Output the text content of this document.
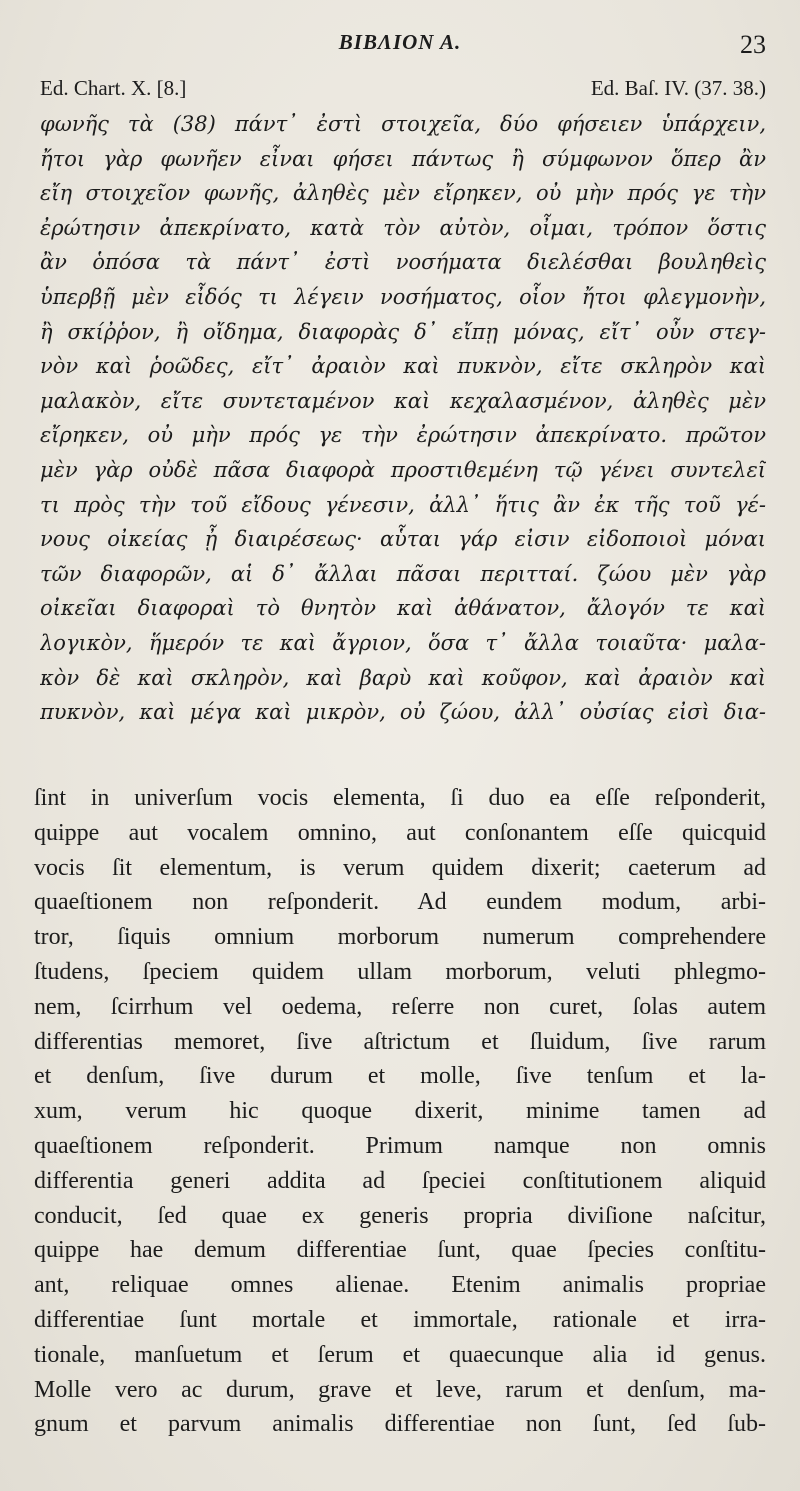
ΒΙΒΛΙΟΝ Α.	23
Ed. Chart. X. [8.]	Ed. Baſ. IV. (37. 38.)
φωνῆς τὰ (38) πάντ᾿ ἐστὶ στοιχεῖα, δύο φήσειεν ὑπάρχειν,
ἤτοι γὰρ φωνῆεν εἶναι φήσει πάντως ἢ σύμφωνον ὅπερ ἂν
εἴη στοιχεῖον φωνῆς, ἀληθὲς μὲν εἴρηκεν, οὐ μὴν πρός γε τὴν
ἐρώτησιν ἀπεκρίνατο, κατὰ τὸν αὐτὸν, οἶμαι, τρόπον ὅστις
ἂν ὁπόσα τὰ πάντ᾿ ἐστὶ νοσήματα διελέσθαι βουληθεὶς
ὑπερβῇ μὲν εἶδός τι λέγειν νοσήματος, οἷον ἤτοι φλεγμονὴν,
ἢ σκίῤῥον, ἢ οἴδημα, διαφορὰς δ᾿ εἴπῃ μόνας, εἴτ᾿ οὖν στεγ-
νὸν καὶ ῥοῶδες, εἴτ᾿ ἀραιὸν καὶ πυκνὸν, εἴτε σκληρὸν καὶ
μαλακὸν, εἴτε συντεταμένον καὶ κεχαλασμένον, ἀληθὲς μὲν
εἴρηκεν, οὐ μὴν πρός γε τὴν ἐρώτησιν ἀπεκρίνατο. πρῶτον
μὲν γὰρ οὐδὲ πᾶσα διαφορὰ προστιθεμένη τῷ γένει συντελεῖ
τι πρὸς τὴν τοῦ εἴδους γένεσιν, ἀλλ᾿ ἥτις ἂν ἐκ τῆς τοῦ γέ-
νους οἰκείας ᾖ διαιρέσεως· αὗται γάρ εἰσιν εἰδοποιοὶ μόναι
τῶν διαφορῶν, αἱ δ᾿ ἄλλαι πᾶσαι περιτταί. ζώου μὲν γὰρ
οἰκεῖαι διαφοραὶ τὸ θνητὸν καὶ ἀθάνατον, ἄλογόν τε καὶ
λογικὸν, ἥμερόν τε καὶ ἄγριον, ὅσα τ᾿ ἄλλα τοιαῦτα· μαλα-
κὸν δὲ καὶ σκληρὸν, καὶ βαρὺ καὶ κοῦφον, καὶ ἀραιὸν καὶ
πυκνὸν, καὶ μέγα καὶ μικρὸν, οὐ ζώου, ἀλλ᾿ οὐσίας εἰσὶ δια-
ſint in univerſum vocis elementa, ſi duo ea eſſe reſponderit,
quippe aut vocalem omnino, aut conſonantem eſſe quicquid
vocis ſit elementum, is verum quidem dixerit; caeterum ad
quaeſtionem non reſponderit. Ad eundem modum, arbi-
tror, ſiquis omnium morborum numerum comprehendere
ſtudens, ſpeciem quidem ullam morborum, veluti phlegmo-
nem, ſcirrhum vel oedema, reſerre non curet, ſolas autem
differentias memoret, ſive aſtrictum et ſluidum, ſive rarum
et denſum, ſive durum et molle, ſive tenſum et la-
xum, verum hic quoque dixerit, minime tamen ad
quaeſtionem reſponderit. Primum namque non omnis
differentia generi addita ad ſpeciei conſtitutionem aliquid
conducit, ſed quae ex generis propria diviſione naſcitur,
quippe hae demum differentiae ſunt, quae ſpecies conſtitu-
ant, reliquae omnes alienae. Etenim animalis propriae
differentiae ſunt mortale et immortale, rationale et irra-
tionale, manſuetum et ſerum et quaecunque alia id genus.
Molle vero ac durum, grave et leve, rarum et denſum, ma-
gnum et parvum animalis differentiae non ſunt, ſed ſub-
